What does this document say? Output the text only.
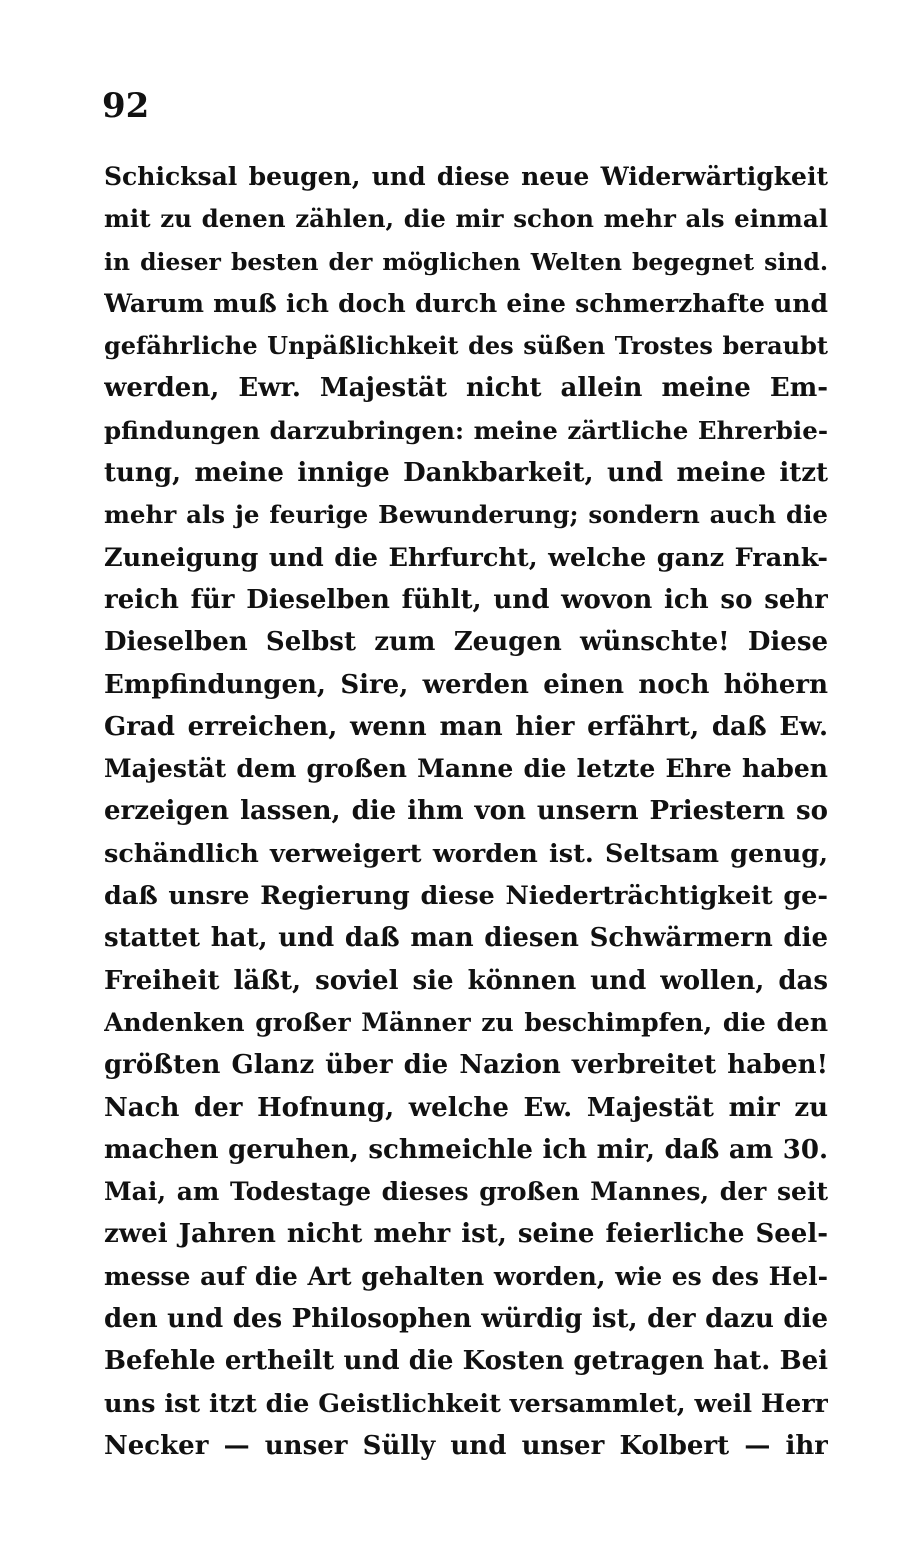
92
Schicksal beugen, und diese neue Widerwärtigkeit
mit zu denen zählen, die mir schon mehr als einmal
in dieser besten der möglichen Welten begegnet sind.
Warum muß ich doch durch eine schmerzhafte und
gefährliche Unpäßlichkeit des süßen Trostes beraubt
werden, Ewr. Majestät nicht allein meine Em-
pfindungen darzubringen: meine zärtliche Ehrerbie-
tung, meine innige Dankbarkeit, und meine itzt
mehr als je feurige Bewunderung; sondern auch die
Zuneigung und die Ehrfurcht, welche ganz Frank-
reich für Dieselben fühlt, und wovon ich so sehr
Dieselben Selbst zum Zeugen wünschte! Diese
Empfindungen, Sire, werden einen noch höhern
Grad erreichen, wenn man hier erfährt, daß Ew.
Majestät dem großen Manne die letzte Ehre haben
erzeigen lassen, die ihm von unsern Priestern so
schändlich verweigert worden ist. Seltsam genug,
daß unsre Regierung diese Niederträchtigkeit ge-
stattet hat, und daß man diesen Schwärmern die
Freiheit läßt, soviel sie können und wollen, das
Andenken großer Männer zu beschimpfen, die den
größten Glanz über die Nazion verbreitet haben!
Nach der Hofnung, welche Ew. Majestät mir zu
machen geruhen, schmeichle ich mir, daß am 30.
Mai, am Todestage dieses großen Mannes, der seit
zwei Jahren nicht mehr ist, seine feierliche Seel-
messe auf die Art gehalten worden, wie es des Hel-
den und des Philosophen würdig ist, der dazu die
Befehle ertheilt und die Kosten getragen hat. Bei
uns ist itzt die Geistlichkeit versammlet, weil Herr
Necker — unser Sülly und unser Kolbert — ihr
